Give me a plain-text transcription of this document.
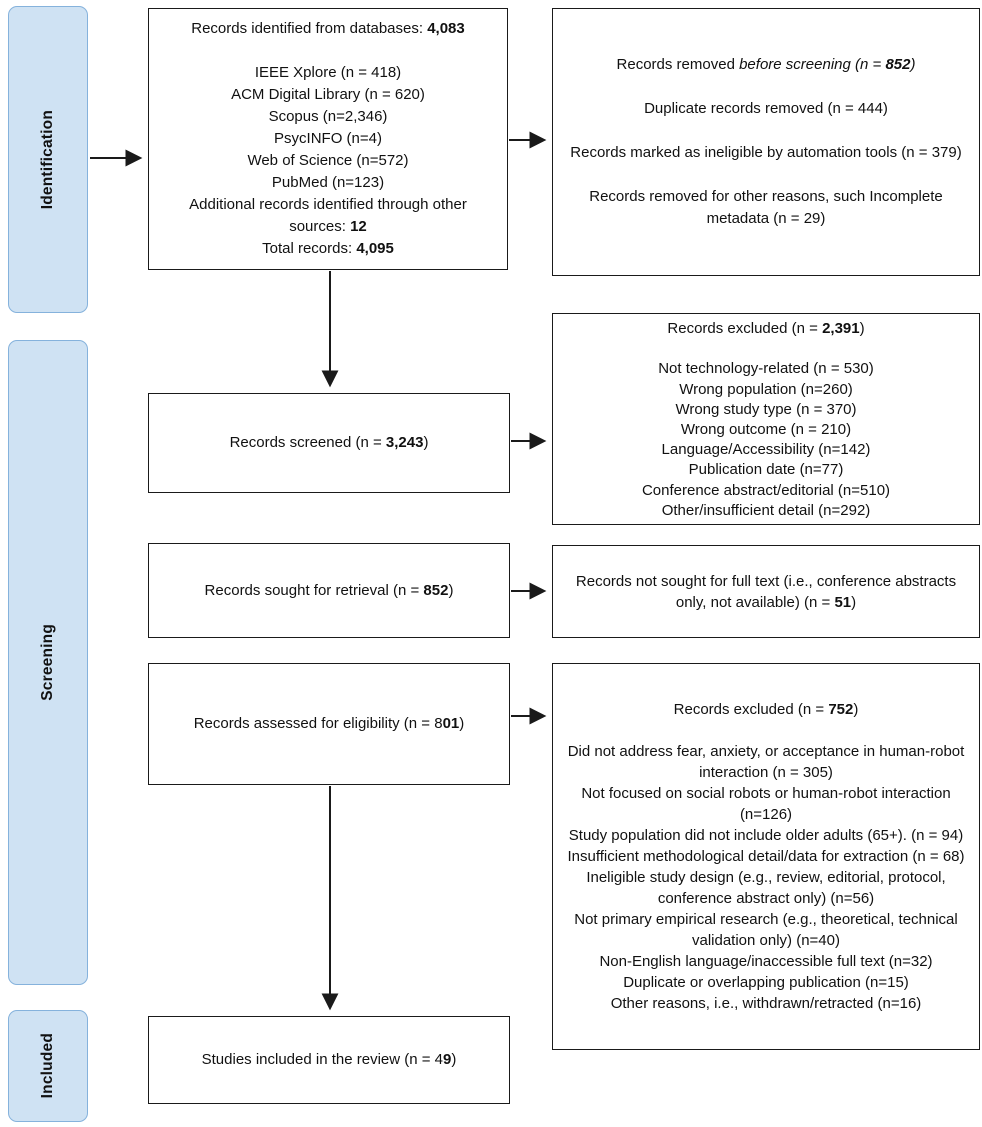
Identification
Screening
Included
Records identified from databases: 4,083

IEEE Xplore (n = 418)
ACM Digital Library (n = 620)
Scopus (n=2,346)
PsycINFO (n=4)
Web of Science (n=572)
PubMed (n=123)
Additional records identified through other sources: 12
Total records: 4,095
Records removed before screening (n = 852)

Duplicate records removed (n = 444)

Records marked as ineligible by automation tools (n = 379)

Records removed for other reasons, such Incomplete metadata (n = 29)
Records screened (n = 3,243)
Records excluded (n = 2,391)

Not technology-related (n = 530)
Wrong population (n=260)
Wrong study type (n = 370)
Wrong outcome (n = 210)
Language/Accessibility (n=142)
Publication date (n=77)
Conference abstract/editorial (n=510)
Other/insufficient detail (n=292)
Records sought for retrieval (n = 852)
Records not sought for full text (i.e., conference abstracts only, not available) (n = 51)
Records assessed for eligibility (n = 801)
Records excluded (n = 752)

Did not address fear, anxiety, or acceptance in human-robot interaction (n = 305)
Not focused on social robots or human-robot interaction (n=126)
Study population did not include older adults (65+). (n = 94)
Insufficient methodological detail/data for extraction (n = 68)
Ineligible study design (e.g., review, editorial, protocol, conference abstract only) (n=56)
Not primary empirical research (e.g., theoretical, technical validation only) (n=40)
Non-English language/inaccessible full text (n=32)
Duplicate or overlapping publication (n=15)
Other reasons, i.e., withdrawn/retracted (n=16)
Studies included in the review (n = 49)
